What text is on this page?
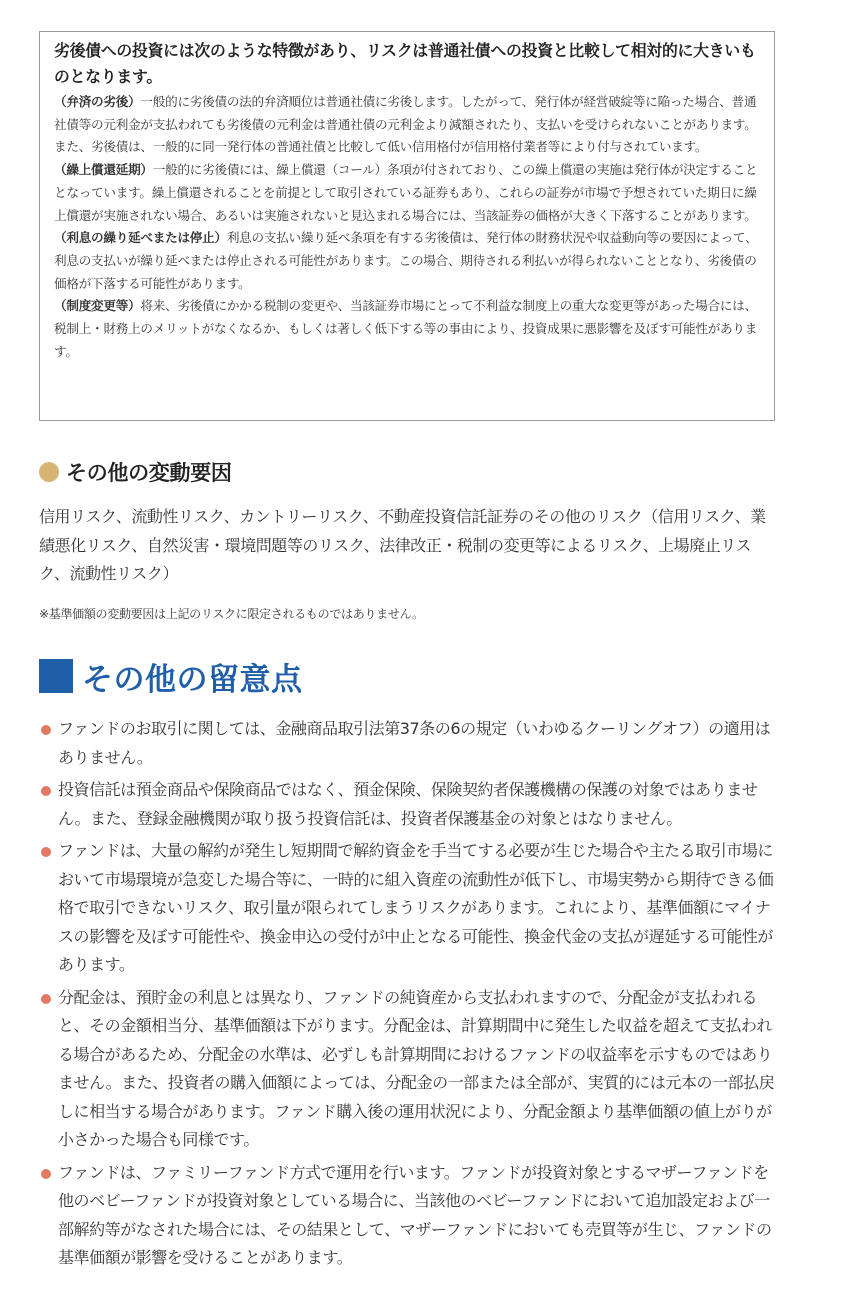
劣後債への投資には次のような特徴があり、リスクは普通社債への投資と比較して相対的に大きいものとなります。

（弁済の劣後）一般的に劣後債の法的弁済順位は普通社債に劣後します。したがって、発行体が経営破綻等に陥った場合、普通社債等の元利金が支払われても劣後債の元利金は普通社債の元利金より減額されたり、支払いを受けられないことがあります。また、劣後債は、一般的に同一発行体の普通社債と比較して低い信用格付が信用格付業者等により付与されています。

（繰上償還延期）一般的に劣後債には、繰上償還（コール）条項が付されており、この繰上償還の実施は発行体が決定することとなっています。繰上償還されることを前提として取引されている証券もあり、これらの証券が市場で予想されていた期日に繰上償還が実施されない場合、あるいは実施されないと見込まれる場合には、当該証券の価格が大きく下落することがあります。

（利息の繰り延べまたは停止）利息の支払い繰り延べ条項を有する劣後債は、発行体の財務状況や収益動向等の要因によって、利息の支払いが繰り延べまたは停止される可能性があります。この場合、期待される利払いが得られないこととなり、劣後債の価格が下落する可能性があります。

（制度変更等）将来、劣後債にかかる税制の変更や、当該証券市場にとって不利益な制度上の重大な変更等があった場合には、税制上・財務上のメリットがなくなるか、もしくは著しく低下する等の事由により、投資成果に悪影響を及ぼす可能性があります。

その他の変動要因

信用リスク、流動性リスク、カントリーリスク、不動産投資信託証券のその他のリスク（信用リスク、業績悪化リスク、自然災害・環境問題等のリスク、法律改正・税制の変更等によるリスク、上場廃止リスク、流動性リスク）

※基準価額の変動要因は上記のリスクに限定されるものではありません。

その他の留意点
ファンドのお取引に関しては、金融商品取引法第37条の6の規定（いわゆるクーリングオフ）の適用はありません。
投資信託は預金商品や保険商品ではなく、預金保険、保険契約者保護機構の保護の対象ではありません。また、登録金融機関が取り扱う投資信託は、投資者保護基金の対象とはなりません。
ファンドは、大量の解約が発生し短期間で解約資金を手当てする必要が生じた場合や主たる取引市場において市場環境が急変した場合等に、一時的に組入資産の流動性が低下し、市場実勢から期待できる価格で取引できないリスク、取引量が限られてしまうリスクがあります。これにより、基準価額にマイナスの影響を及ぼす可能性や、換金申込の受付が中止となる可能性、換金代金の支払が遅延する可能性があります。
分配金は、預貯金の利息とは異なり、ファンドの純資産から支払われますので、分配金が支払われると、その金額相当分、基準価額は下がります。分配金は、計算期間中に発生した収益を超えて支払われる場合があるため、分配金の水準は、必ずしも計算期間におけるファンドの収益率を示すものではありません。また、投資者の購入価額によっては、分配金の一部または全部が、実質的には元本の一部払戻しに相当する場合があります。ファンド購入後の運用状況により、分配金額より基準価額の値上がりが小さかった場合も同様です。
ファンドは、ファミリーファンド方式で運用を行います。ファンドが投資対象とするマザーファンドを他のベビーファンドが投資対象としている場合に、当該他のベビーファンドにおいて追加設定および一部解約等がなされた場合には、その結果として、マザーファンドにおいても売買等が生じ、ファンドの基準価額が影響を受けることがあります。
